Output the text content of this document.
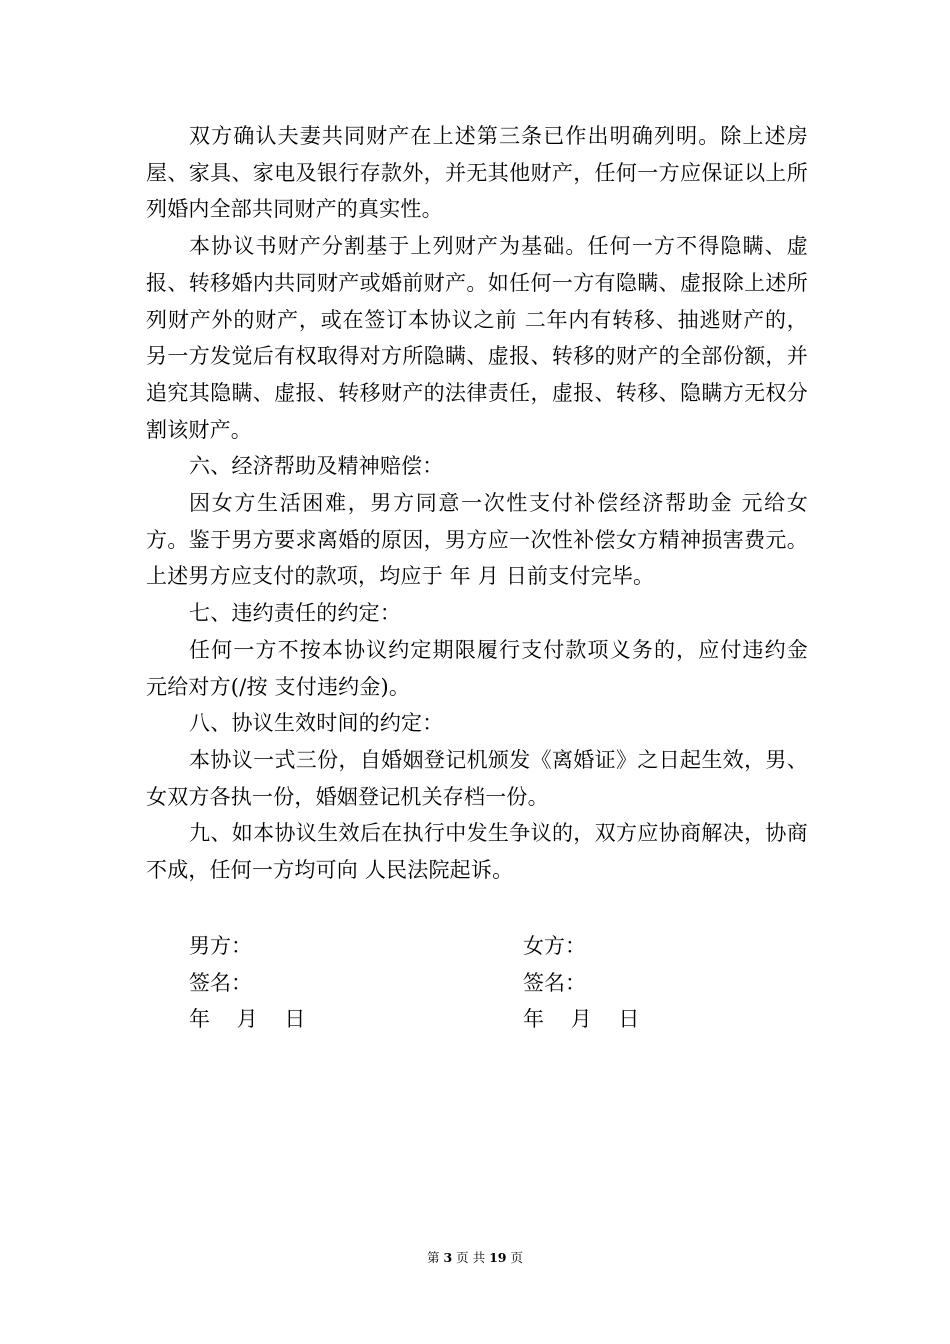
双方确认夫妻共同财产在上述第三条已作出明确列明。除上述房屋、家具、家电及银行存款外，并无其他财产，任何一方应保证以上所列婚内全部共同财产的真实性。

本协议书财产分割基于上列财产为基础。任何一方不得隐瞒、虚报、转移婚内共同财产或婚前财产。如任何一方有隐瞒、虚报除上述所列财产外的财产，或在签订本协议之前 二年内有转移、抽逃财产的，另一方发觉后有权取得对方所隐瞒、虚报、转移的财产的全部份额，并追究其隐瞒、虚报、转移财产的法律责任，虚报、转移、隐瞒方无权分割该财产。

六、经济帮助及精神赔偿：

因女方生活困难，男方同意一次性支付补偿经济帮助金 元给女方。鉴于男方要求离婚的原因，男方应一次性补偿女方精神损害费元。上述男方应支付的款项，均应于 年 月 日前支付完毕。

七、违约责任的约定：

任何一方不按本协议约定期限履行支付款项义务的，应付违约金 元给对方(/按 支付违约金)。

八、协议生效时间的约定：

本协议一式三份，自婚姻登记机颁发《离婚证》之日起生效，男、女双方各执一份，婚姻登记机关存档一份。

九、如本协议生效后在执行中发生争议的，双方应协商解决，协商不成，任何一方均可向 人民法院起诉。

男方：
签名：
年    月    日
女方：
签名：
年    月    日
第 3 页 共 19 页
